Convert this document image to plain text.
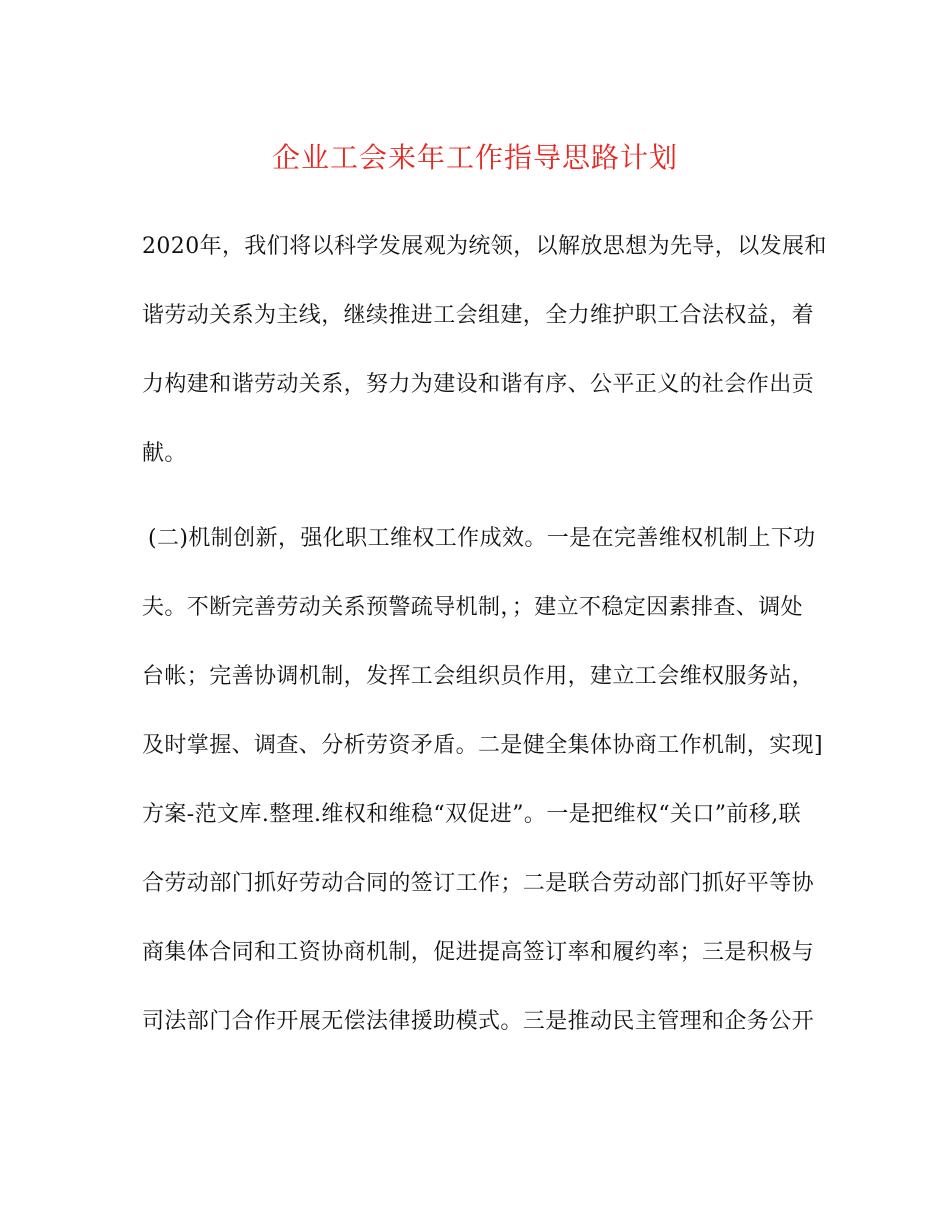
企业工会来年工作指导思路计划
2020年，我们将以科学发展观为统领，以解放思想为先导，以发展和
谐劳动关系为主线，继续推进工会组建，全力维护职工合法权益，着
力构建和谐劳动关系，努力为建设和谐有序、公平正义的社会作出贡
献。
(二)机制创新，强化职工维权工作成效。一是在完善维权机制上下功
夫。不断完善劳动关系预警疏导机制，；建立不稳定因素排查、调处
台帐；完善协调机制，发挥工会组织员作用，建立工会维权服务站，
及时掌握、调查、分析劳资矛盾。二是健全集体协商工作机制，实现]
方案-范文库.整理.维权和维稳“双促进”。一是把维权“关口”前移,联
合劳动部门抓好劳动合同的签订工作；二是联合劳动部门抓好平等协
商集体合同和工资协商机制，促进提高签订率和履约率；三是积极与
司法部门合作开展无偿法律援助模式。三是推动民主管理和企务公开
